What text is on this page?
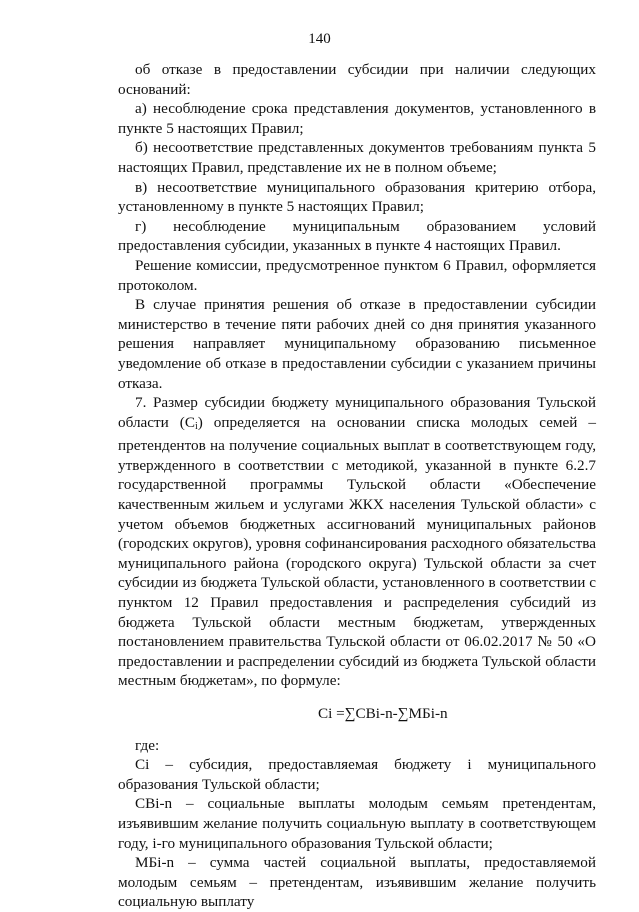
140

об отказе в предоставлении субсидии при наличии следующих оснований:

а) несоблюдение срока представления документов, установленного в пункте 5 настоящих Правил;

б) несоответствие представленных документов требованиям пункта 5 настоящих Правил, представление их не в полном объеме;

в) несоответствие муниципального образования критерию отбора, установленному в пункте 5 настоящих Правил;

г) несоблюдение муниципальным образованием условий предоставления субсидии, указанных в пункте 4 настоящих Правил.

Решение комиссии, предусмотренное пунктом 6 Правил, оформляется протоколом.

В случае принятия решения об отказе в предоставлении субсидии министерство в течение пяти рабочих дней со дня принятия указанного решения направляет муниципальному образованию письменное уведомление об отказе в предоставлении субсидии с указанием причины отказа.

7. Размер субсидии бюджету муниципального образования Тульской области $(С_i)$ определяется на основании списка молодых семей – претендентов на получение социальных выплат в соответствующем году, утвержденного в соответствии с методикой, указанной в пункте 6.2.7 государственной программы Тульской области «Обеспечение качественным жильем и услугами ЖКХ населения Тульской области» с учетом объемов бюджетных ассигнований муниципальных районов (городских округов), уровня софинансирования расходного обязательства муниципального района (городского округа) Тульской области за счет субсидии из бюджета Тульской области, установленного в соответствии с пунктом 12 Правил предоставления и распределения субсидий из бюджета Тульской области местным бюджетам, утвержденных постановлением правительства Тульской области от 06.02.2017 № 50 «О предоставлении и распределении субсидий из бюджета Тульской области местным бюджетам», по формуле:

Ci =∑СВi-n-∑МБi-n

где:

Сi – субсидия, предоставляемая бюджету i муниципального образования Тульской области;

СВi-n – социальные выплаты молодым семьям претендентам, изъявившим желание получить социальную выплату в соответствующем году, i-го муниципального образования Тульской области;

МБi-n – сумма частей социальной выплаты, предоставляемой молодым семьям – претендентам, изъявившим желание получить социальную выплату
